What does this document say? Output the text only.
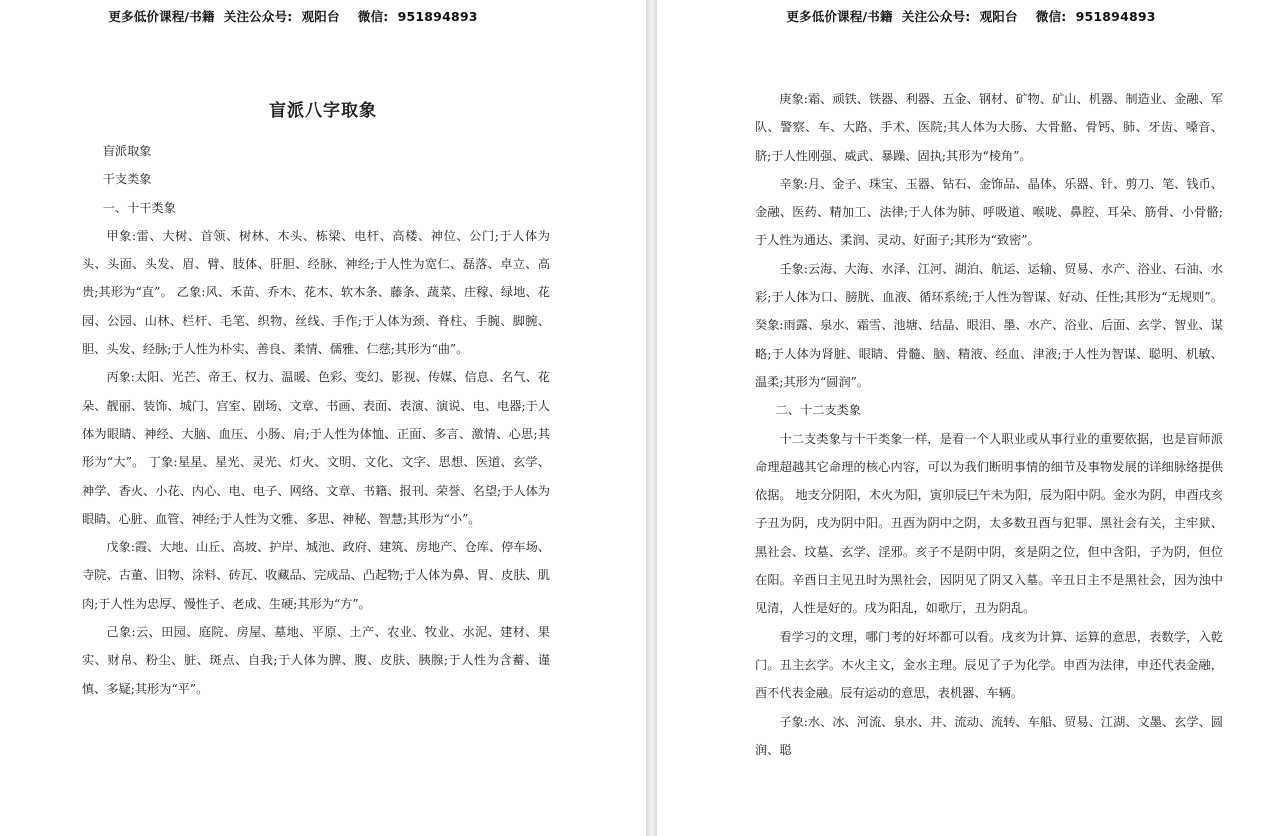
更多低价课程/书籍  关注公众号:  观阳台    微信:  951894893
盲派八字取象

盲派取象

干支类象

一、十干类象

甲象:雷、大树、首领、树林、木头、栋梁、电杆、高楼、神位、公门;于人体为头、头面、头发、眉、臂、肢体、肝胆、经脉、神经;于人性为宽仁、磊落、卓立、高贵;其形为“直”。 乙象:风、禾苗、乔木、花木、软木条、藤条、蔬菜、庄稼、绿地、花园、公园、山林、栏杆、毛笔、织物、丝线、手作;于人体为颈、脊柱、手腕、脚腕、胆、头发、经脉;于人性为朴实、善良、柔情、儒雅、仁慈;其形为“曲”。

丙象:太阳、光芒、帝王、权力、温暖、色彩、变幻、影视、传媒、信息、名气、花朵、靓丽、装饰、城门、宫室、剧场、文章、书画、表面、表演、演说、电、电器;于人体为眼睛、神经、大脑、血压、小肠、肩;于人性为体恤、正面、多言、激情、心思;其形为“大”。 丁象:星星、星光、灵光、灯火、文明、文化、文字、思想、医道、玄学、神学、香火、小花、内心、电、电子、网络、文章、书籍、报刊、荣誉、名望;于人体为眼睛、心脏、血管、神经;于人性为文雅、多思、神秘、智慧;其形为“小”。

戊象:霞、大地、山丘、高坡、护岸、城池、政府、建筑、房地产、仓库、停车场、寺院、古董、旧物、涂料、砖瓦、收藏品、完成品、凸起物;于人体为鼻、胃、皮肤、肌肉;于人性为忠厚、慢性子、老成、生硬;其形为“方”。

己象:云、田园、庭院、房屋、墓地、平原、土产、农业、牧业、水泥、建材、果实、财帛、粉尘、脏、斑点、自我;于人体为脾、腹、皮肤、胰腺;于人性为含蓄、谨慎、多疑;其形为“平”。

更多低价课程/书籍  关注公众号:  观阳台    微信:  951894893

庚象:霜、顽铁、铁器、利器、五金、钢材、矿物、矿山、机器、制造业、金融、军队、警察、车、大路、手术、医院;其人体为大肠、大骨骼、骨钙、肺、牙齿、嗓音、脐;于人性刚强、威武、暴躁、固执;其形为“棱角”。

辛象:月、金子、珠宝、玉器、钻石、金饰品、晶体、乐器、针、剪刀、笔、钱币、金融、医药、精加工、法律;于人体为肺、呼吸道、喉咙、鼻腔、耳朵、筋骨、小骨骼;于人性为通达、柔润、灵动、好面子;其形为“致密”。

壬象:云海、大海、水泽、江河、湖泊、航运、运输、贸易、水产、浴业、石油、水彩;于人体为口、膀胱、血液、循环系统;于人性为智谋、好动、任性;其形为“无规则”。 癸象:雨露、泉水、霜雪、池塘、结晶、眼泪、墨、水产、浴业、后面、玄学、智业、谋略;于人体为肾脏、眼睛、骨髓、脑、精液、经血、津液;于人性为智谋、聪明、机敏、温柔;其形为“圆润”。

二、十二支类象

十二支类象与十干类象一样，是看一个人职业或从事行业的重要依据，也是盲师派命理超越其它命理的核心内容，可以为我们断明事情的细节及事物发展的详细脉络提供依据。 地支分阴阳，木火为阳，寅卯辰巳午未为阳，辰为阳中阴。金水为阴，申酉戌亥子丑为阴，戌为阴中阳。丑酉为阴中之阴，太多数丑酉与犯罪、黑社会有关，主牢狱、黑社会、坟墓、玄学、淫邪。亥子不是阴中阴，亥是阴之位，但中含阳，子为阴，但位在阳。辛酉日主见丑时为黑社会，因阴见了阴又入墓。辛丑日主不是黑社会，因为浊中见清，人性是好的。戌为阳乱，如歌厅，丑为阴乱。

看学习的文理，哪门考的好坏都可以看。戌亥为计算、运算的意思，表数学，入乾门。丑主玄学。木火主文，金水主理。辰见了子为化学。申酉为法律，申还代表金融，酉不代表金融。辰有运动的意思，表机器、车辆。

子象:水、冰、河流、泉水、井、流动、流转、车船、贸易、江湖、文墨、玄学、圆润、聪
